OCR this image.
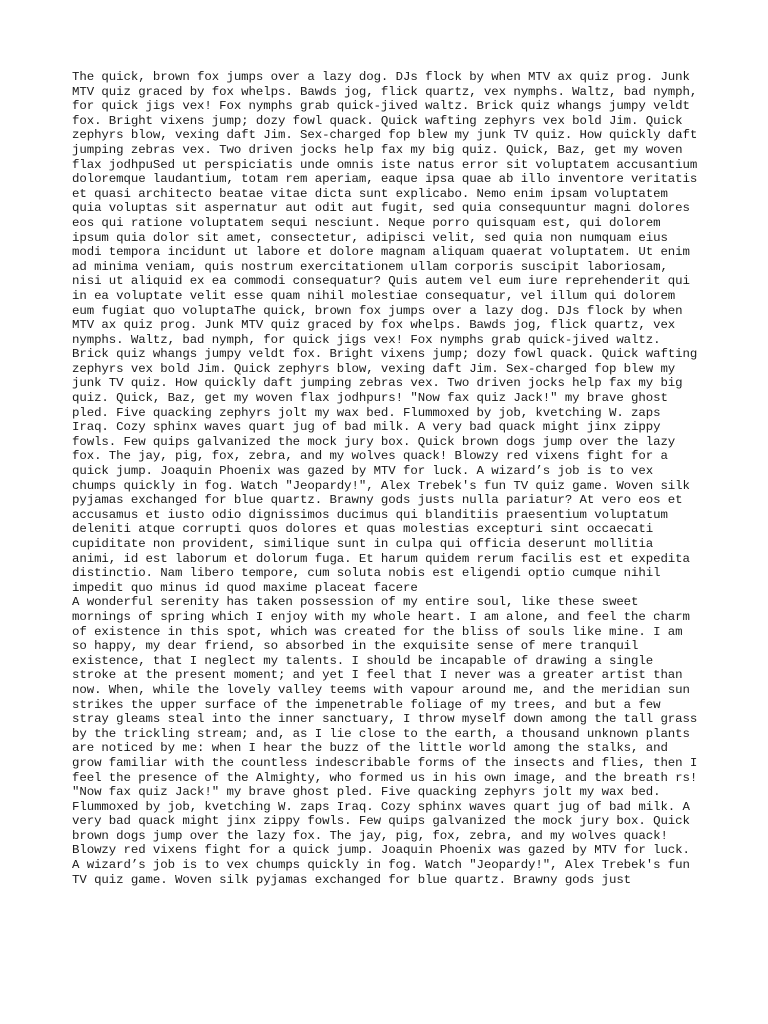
The quick, brown fox jumps over a lazy dog. DJs flock by when MTV ax quiz prog. Junk MTV quiz graced by fox whelps. Bawds jog, flick quartz, vex nymphs. Waltz, bad nymph, for quick jigs vex! Fox nymphs grab quick-jived waltz. Brick quiz whangs jumpy veldt fox. Bright vixens jump; dozy fowl quack. Quick wafting zephyrs vex bold Jim. Quick zephyrs blow, vexing daft Jim. Sex-charged fop blew my junk TV quiz. How quickly daft jumping zebras vex. Two driven jocks help fax my big quiz. Quick, Baz, get my woven flax jodhpuSed ut perspiciatis unde omnis iste natus error sit voluptatem accusantium doloremque laudantium, totam rem aperiam, eaque ipsa quae ab illo inventore veritatis et quasi architecto beatae vitae dicta sunt explicabo. Nemo enim ipsam voluptatem quia voluptas sit aspernatur aut odit aut fugit, sed quia consequuntur magni dolores eos qui ratione voluptatem sequi nesciunt. Neque porro quisquam est, qui dolorem ipsum quia dolor sit amet, consectetur, adipisci velit, sed quia non numquam eius modi tempora incidunt ut labore et dolore magnam aliquam quaerat voluptatem. Ut enim ad minima veniam, quis nostrum exercitationem ullam corporis suscipit laboriosam, nisi ut aliquid ex ea commodi consequatur? Quis autem vel eum iure reprehenderit qui in ea voluptate velit esse quam nihil molestiae consequatur, vel illum qui dolorem eum fugiat quo voluptaThe quick, brown fox jumps over a lazy dog. DJs flock by when MTV ax quiz prog. Junk MTV quiz graced by fox whelps. Bawds jog, flick quartz, vex nymphs. Waltz, bad nymph, for quick jigs vex! Fox nymphs grab quick-jived waltz. Brick quiz whangs jumpy veldt fox. Bright vixens jump; dozy fowl quack. Quick wafting zephyrs vex bold Jim. Quick zephyrs blow, vexing daft Jim. Sex-charged fop blew my junk TV quiz. How quickly daft jumping zebras vex. Two driven jocks help fax my big quiz. Quick, Baz, get my woven flax jodhpurs! "Now fax quiz Jack!" my brave ghost pled. Five quacking zephyrs jolt my wax bed. Flummoxed by job, kvetching W. zaps Iraq. Cozy sphinx waves quart jug of bad milk. A very bad quack might jinx zippy fowls. Few quips galvanized the mock jury box. Quick brown dogs jump over the lazy fox. The jay, pig, fox, zebra, and my wolves quack! Blowzy red vixens fight for a quick jump. Joaquin Phoenix was gazed by MTV for luck. A wizard’s job is to vex chumps quickly in fog. Watch "Jeopardy!", Alex Trebek's fun TV quiz game. Woven silk pyjamas exchanged for blue quartz. Brawny gods justs nulla pariatur? At vero eos et accusamus et iusto odio dignissimos ducimus qui blanditiis praesentium voluptatum deleniti atque corrupti quos dolores et quas molestias excepturi sint occaecati cupiditate non provident, similique sunt in culpa qui officia deserunt mollitia animi, id est laborum et dolorum fuga. Et harum quidem rerum facilis est et expedita distinctio. Nam libero tempore, cum soluta nobis est eligendi optio cumque nihil impedit quo minus id quod maxime placeat facere

A wonderful serenity has taken possession of my entire soul, like these sweet mornings of spring which I enjoy with my whole heart. I am alone, and feel the charm of existence in this spot, which was created for the bliss of souls like mine. I am so happy, my dear friend, so absorbed in the exquisite sense of mere tranquil existence, that I neglect my talents. I should be incapable of drawing a single stroke at the present moment; and yet I feel that I never was a greater artist than now. When, while the lovely valley teems with vapour around me, and the meridian sun strikes the upper surface of the impenetrable foliage of my trees, and but a few stray gleams steal into the inner sanctuary, I throw myself down among the tall grass by the trickling stream; and, as I lie close to the earth, a thousand unknown plants are noticed by me: when I hear the buzz of the little world among the stalks, and grow familiar with the countless indescribable forms of the insects and flies, then I feel the presence of the Almighty, who formed us in his own image, and the breath rs! "Now fax quiz Jack!" my brave ghost pled. Five quacking zephyrs jolt my wax bed. Flummoxed by job, kvetching W. zaps Iraq. Cozy sphinx waves quart jug of bad milk. A very bad quack might jinx zippy fowls. Few quips galvanized the mock jury box. Quick brown dogs jump over the lazy fox. The jay, pig, fox, zebra, and my wolves quack! Blowzy red vixens fight for a quick jump. Joaquin Phoenix was gazed by MTV for luck. A wizard’s job is to vex chumps quickly in fog. Watch "Jeopardy!", Alex Trebek's fun TV quiz game. Woven silk pyjamas exchanged for blue quartz. Brawny gods just
